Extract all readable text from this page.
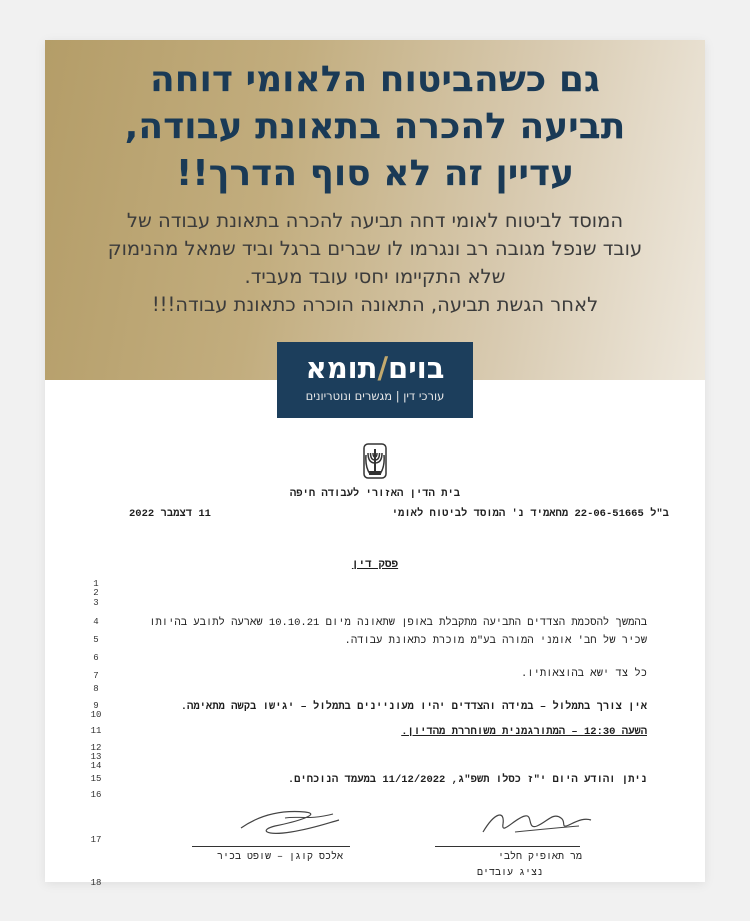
גם כשהביטוח הלאומי דוחה
תביעה להכרה בתאונת עבודה,
עדיין זה לא סוף הדרך!!
המוסד לביטוח לאומי דחה תביעה להכרה בתאונת עבודה של
עובד שנפל מגובה רב ונגרמו לו שברים ברגל וביד שמאל מהנימוק
שלא התקיימו יחסי עובד מעביד.
לאחר הגשת תביעה, התאונה הוכרה כתאונת עבודה!!!
בוים/תומא
עורכי דין | מגשרים ונוטריונים
בית הדין האזורי לעבודה חיפה
ב"ל 22-06-51665 מחאמיד נ' המוסד לביטוח לאומי
11 דצמבר 2022
1
2
3
4
5
6
7
8
9
10
11
12
13
14
15
16
17
18
פסק דין
בהמשך להסכמת הצדדים התביעה מתקבלת באופן שתאונה מיום 10.10.21 שארעה לתובע בהיותו
שכיר של חב' אומני המורה בע"מ מוכרת כתאונת עבודה.
כל צד ישא בהוצאותיו.
אין צורך בתמלול – במידה והצדדים יהיו מעוניינים בתמלול – יגישו בקשה מתאימה.
השעה 12:30 – המתורגמנית משוחררת מהדיון.
ניתן והודע היום י"ז כסלו תשפ"ג, 11/12/2022 במעמד הנוכחים.
מר תאופיק חלבי
נציג עובדים
אלכס קוגן – שופט בכיר
